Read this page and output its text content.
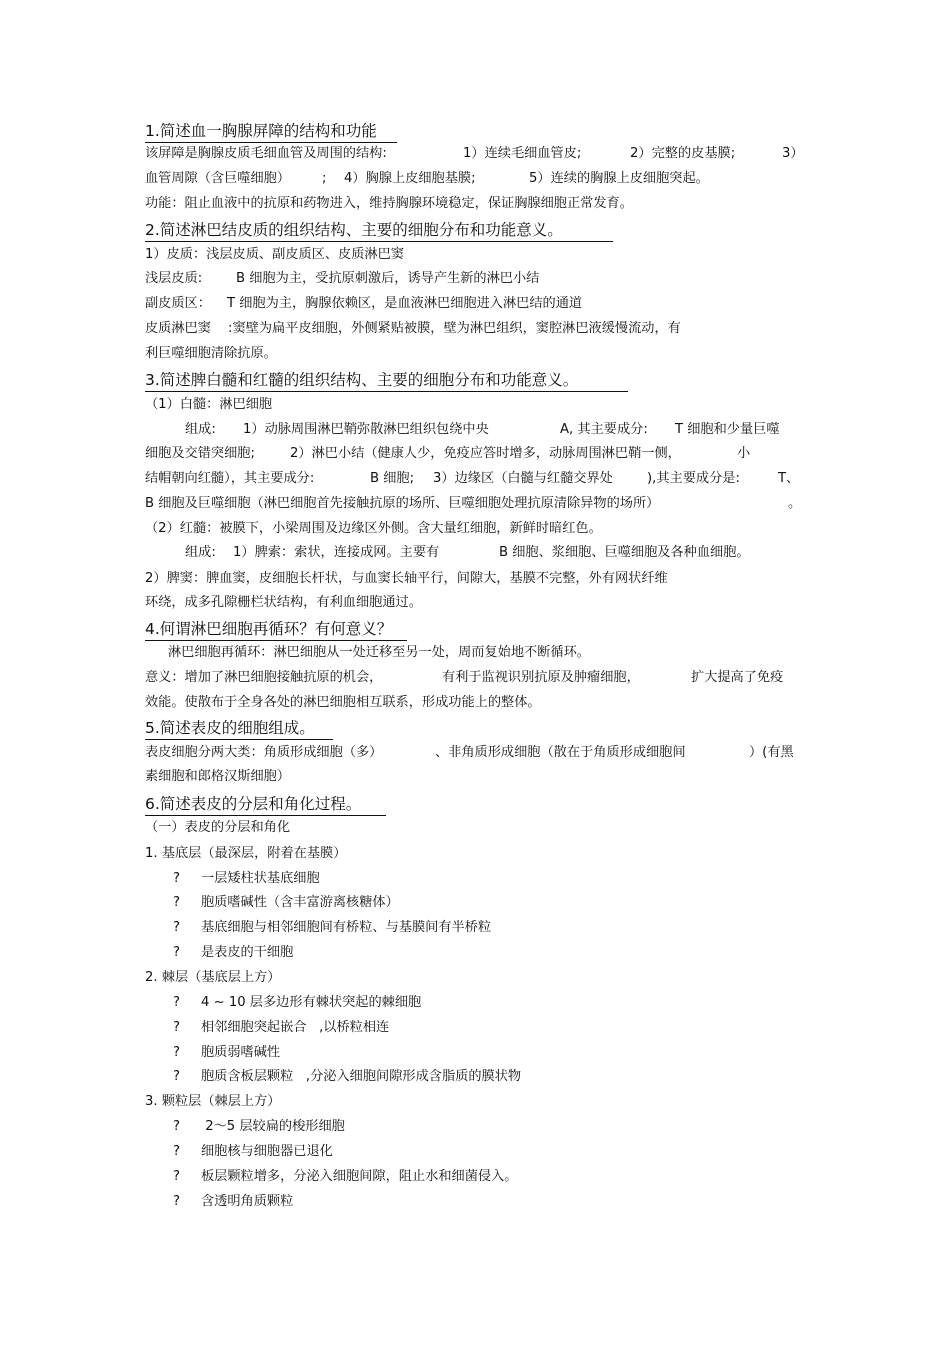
1.简述血一胸腺屏障的结构和功能
该屏障是胸腺皮质毛细血管及周围的结构:	1）连续毛细血管皮;	2）完整的皮基膜;	3）
血管周隙（含巨噬细胞） ; 4）胸腺上皮细胞基膜;	5）连续的胸腺上皮细胞突起。
功能：阻止血液中的抗原和药物进入，维持胸腺环境稳定，保证胸腺细胞正常发育。
2.简述淋巴结皮质的组织结构、主要的细胞分布和功能意义。
1）皮质：浅层皮质、副皮质区、皮质淋巴窦
浅层皮质:	B 细胞为主，受抗原刺激后，诱导产生新的淋巴小结
副皮质区： T 细胞为主，胸腺依赖区，是血液淋巴细胞进入淋巴结的通道
皮质淋巴窦 :窦壁为扁平皮细胞，外侧紧贴被膜，壁为淋巴组织，窦腔淋巴液缓慢流动，有
利巨噬细胞清除抗原。
3.简述脾白髓和红髓的组织结构、主要的细胞分布和功能意义。
（1）白髓：淋巴细胞
组成: 1）动脉周围淋巴鞘弥散淋巴组织包绕中央	A, 其主要成分: T 细胞和少量巨噬
细胞及交错突细胞;	2）淋巴小结（健康人少，免疫应答时增多，动脉周围淋巴鞘一侧，	小
结帽朝向红髓），其主要成分:	B 细胞; 3）边缘区（白髓与红髓交界处	),其主要成分是:	T、
B 细胞及巨噬细胞（淋巴细胞首先接触抗原的场所、巨噬细胞处理抗原清除异物的场所）	。
（2）红髓：被膜下，小梁周围及边缘区外侧。含大量红细胞，新鲜时暗红色。
组成: 1）脾索：索状，连接成网。主要有	B 细胞、浆细胞、巨噬细胞及各种血细胞。
2）脾窦：脾血窦，皮细胞长杆状，与血窦长轴平行，间隙大，基膜不完整，外有网状纤维
环绕，成多孔隙栅栏状结构，有利血细胞通过。
4.何谓淋巴细胞再循环？有何意义？
淋巴细胞再循环：淋巴细胞从一处迁移至另一处，周而复始地不断循环。
意义：增加了淋巴细胞接触抗原的机会，	有利于监视识别抗原及肿瘤细胞，	扩大提高了免疫
效能。使散布于全身各处的淋巴细胞相互联系，形成功能上的整体。
5.简述表皮的细胞组成。
表皮细胞分两大类：角质形成细胞（多）	、非角质形成细胞（散在于角质形成细胞间	）(有黑
素细胞和郎格汉斯细胞）
6.简述表皮的分层和角化过程。
（一）表皮的分层和角化
1. 基底层（最深层，附着在基膜）
? 一层矮柱状基底细胞
? 胞质嗜碱性（含丰富游离核糖体）
? 基底细胞与相邻细胞间有桥粒、与基膜间有半桥粒
? 是表皮的干细胞
2. 棘层（基底层上方）
? 4 ~ 10 层多边形有棘状突起的棘细胞
? 相邻细胞突起嵌合   ,以桥粒相连
? 胞质弱嗜碱性
? 胞质含板层颗粒   ,分泌入细胞间隙形成含脂质的膜状物
3. 颗粒层（棘层上方）
? 2～5 层较扁的梭形细胞
? 细胞核与细胞器已退化
? 板层颗粒增多，分泌入细胞间隙，阻止水和细菌侵入。
? 含透明角质颗粒
